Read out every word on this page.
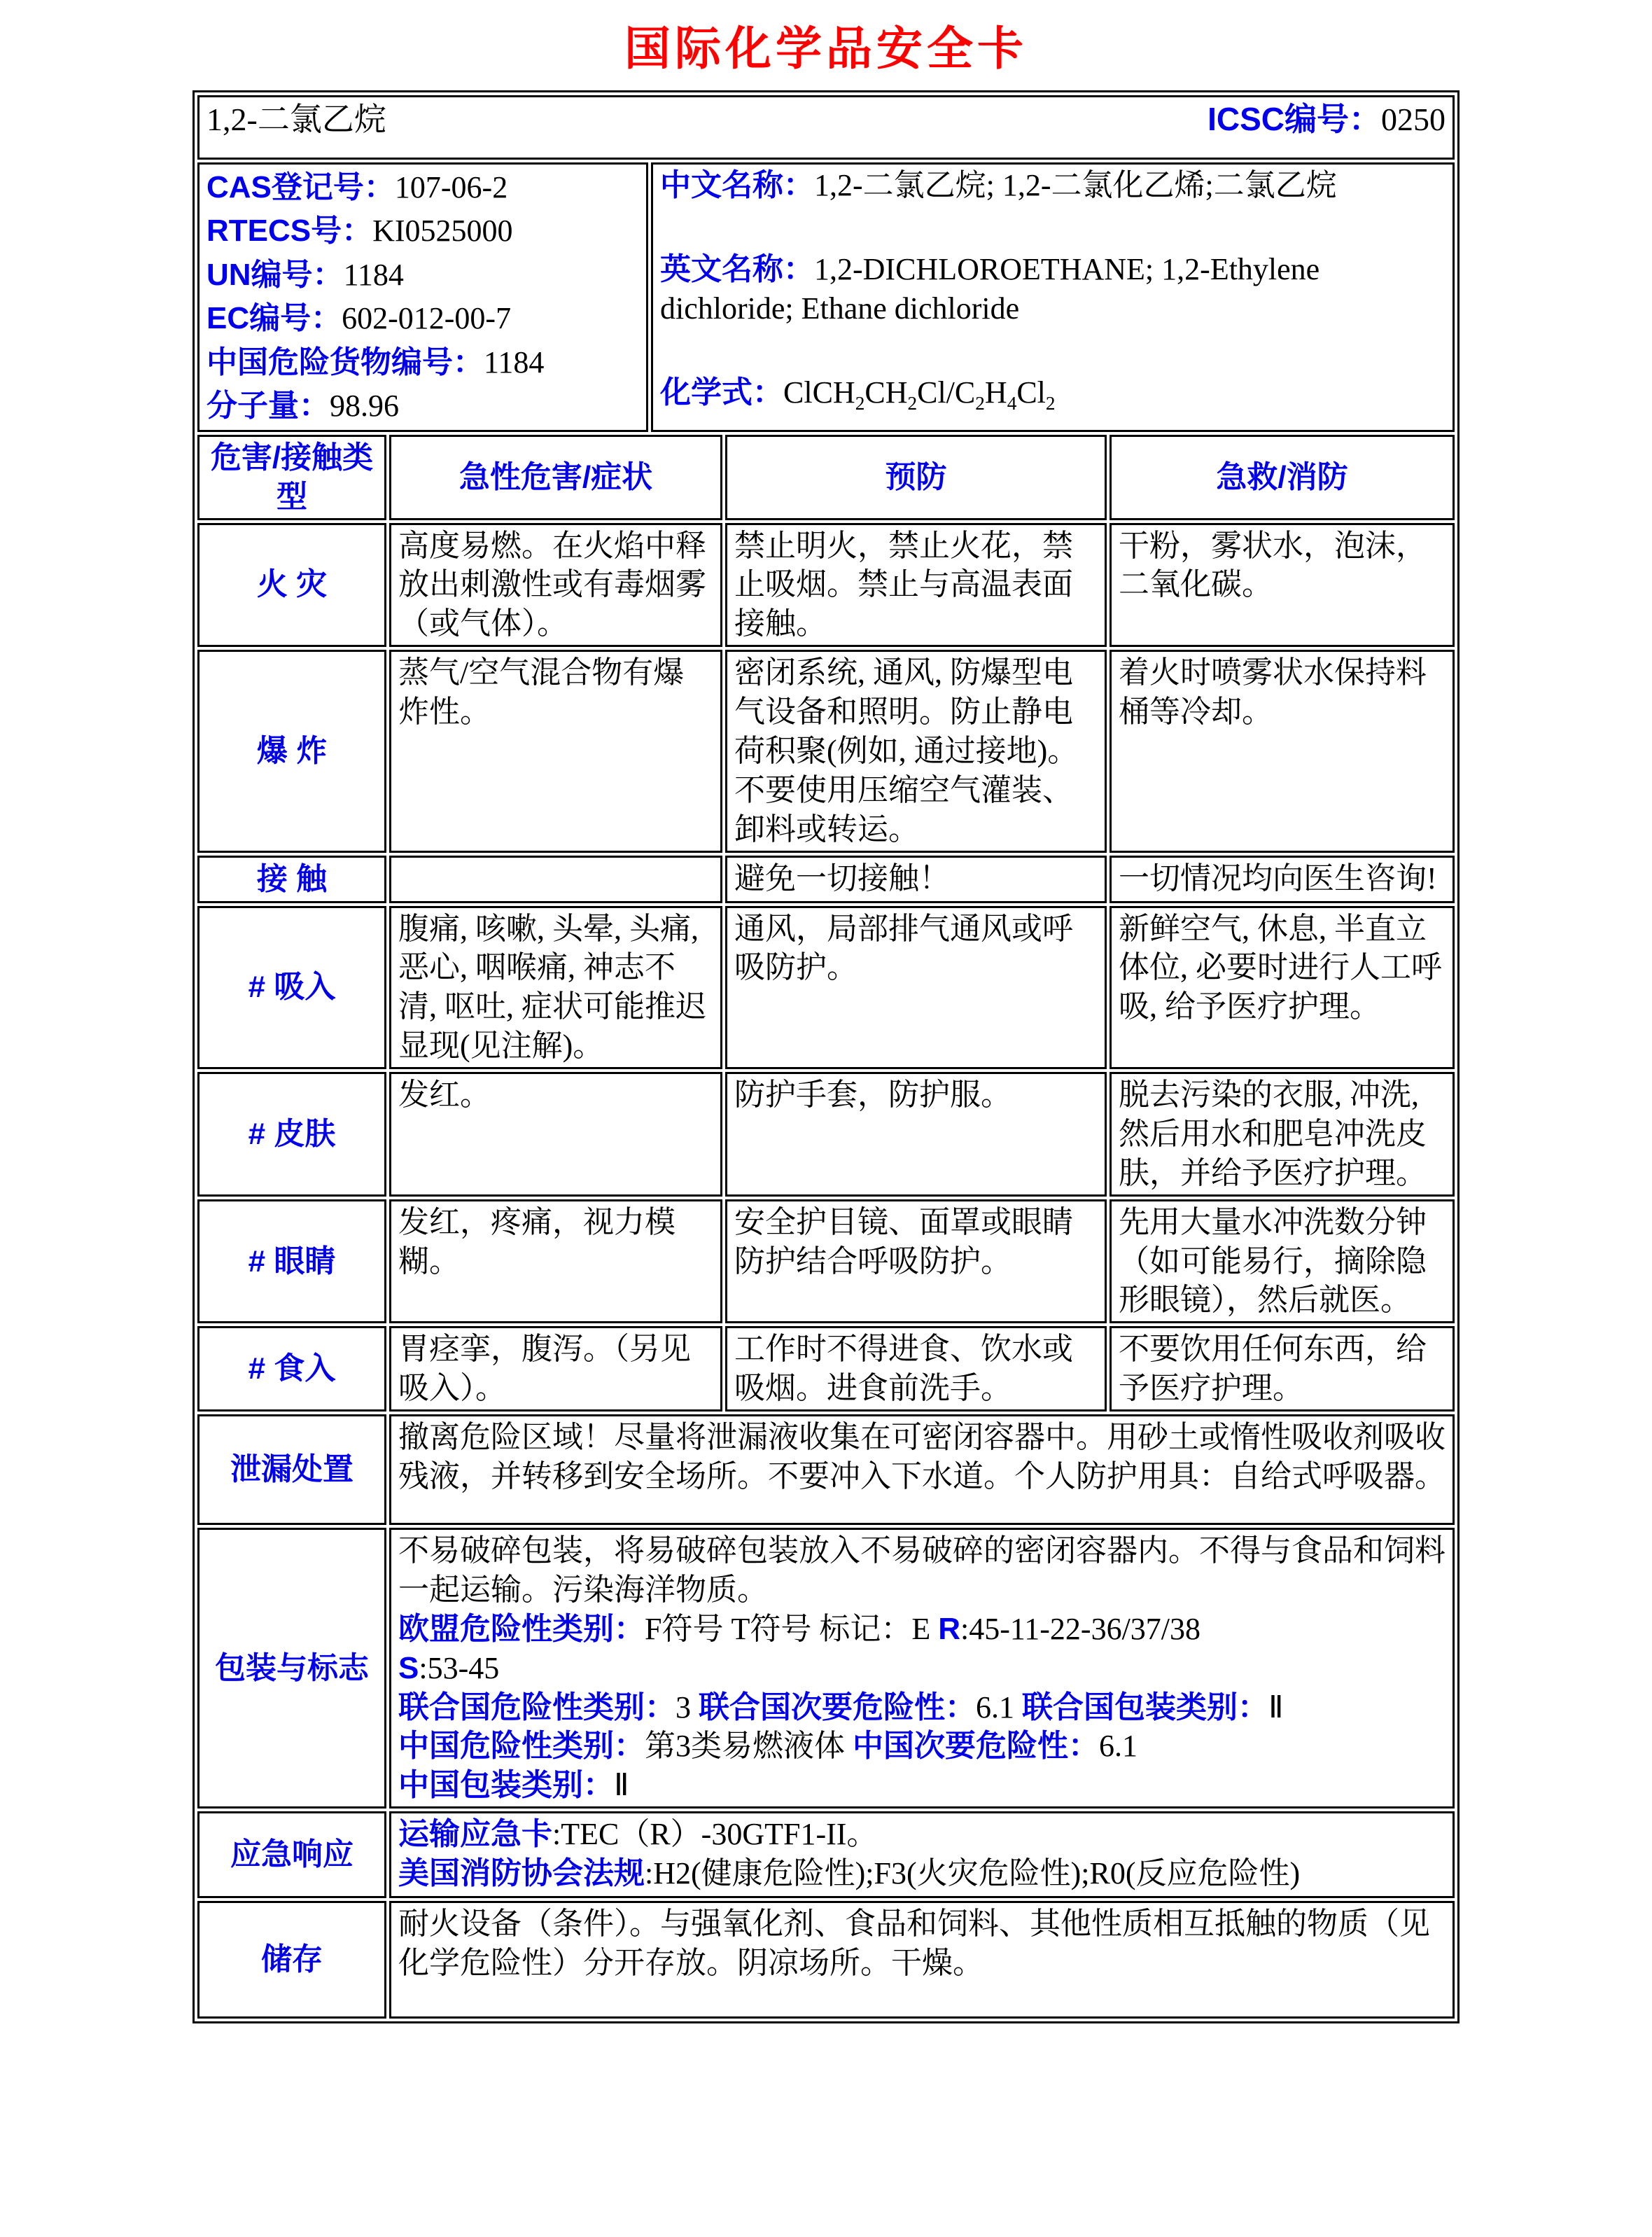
国际化学品安全卡
1,2-二氯乙烷 ICSC编号：0250				

CAS登记号：107-06-2
RTECS号：KI0525000
UN编号：1184
EC编号：602-012-00-7
中国危险货物编号：1184
分子量：98.96

中文名称：1,2-二氯乙烷; 1,2-二氯化乙烯;二氯乙烷
英文名称：1,2-DICHLOROETHANE; 1,2-Ethylene dichloride; Ethane dichloride
化学式：$ClCH_2CH_2Cl/C_2H_4Cl_2$

危害/接触类型	急性危害/症状		预防	急救/消防
火 灾	高度易燃。在火焰中释放出刺激性或有毒烟雾（或气体）。		禁止明火，禁止火花，禁止吸烟。禁止与高温表面接触。	干粉，雾状水，泡沫，二氧化碳。
爆 炸	蒸气/空气混合物有爆炸性。		密闭系统, 通风, 防爆型电气设备和照明。防止静电荷积聚(例如, 通过接地)。不要使用压缩空气灌装、卸料或转运。	着火时喷雾状水保持料桶等冷却。
接 触			避免一切接触！	一切情况均向医生咨询!
# 吸入	腹痛, 咳嗽, 头晕, 头痛, 恶心, 咽喉痛, 神志不清, 呕吐, 症状可能推迟显现(见注解)。		通风，局部排气通风或呼吸防护。	新鲜空气, 休息, 半直立体位, 必要时进行人工呼吸, 给予医疗护理。
# 皮肤	发红。		防护手套，防护服。	脱去污染的衣服, 冲洗, 然后用水和肥皂冲洗皮肤，并给予医疗护理。
# 眼睛	发红，疼痛，视力模糊。		安全护目镜、面罩或眼睛防护结合呼吸防护。	先用大量水冲洗数分钟（如可能易行，摘除隐形眼镜），然后就医。
# 食入	胃痉挛，腹泻。（另见吸入）。		工作时不得进食、饮水或吸烟。进食前洗手。	不要饮用任何东西，给予医疗护理。
泄漏处置	撤离危险区域！尽量将泄漏液收集在可密闭容器中。用砂土或惰性吸收剂吸收残液，并转移到安全场所。不要冲入下水道。个人防护用具：自给式呼吸器。			

包装与标志	
不易破碎包装，将易破碎包装放入不易破碎的密闭容器内。不得与食品和饲料一起运输。污染海洋物质。
欧盟危险性类别：F符号 T符号 标记：E R:45-11-22-36/37/38
S:53-45
联合国危险性类别：3 联合国次要危险性：6.1 联合国包装类别：Ⅱ
中国危险性类别：第3类易燃液体 中国次要危险性：6.1
中国包装类别：Ⅱ

应急响应	运输应急卡:TEC（R）-30GTF1-II。
美国消防协会法规:H2(健康危险性);F3(火灾危险性);R0(反应危险性)			

储存	耐火设备（条件）。与强氧化剂、食品和饲料、其他性质相互抵触的物质（见化学危险性）分开存放。阴凉场所。干燥。			
